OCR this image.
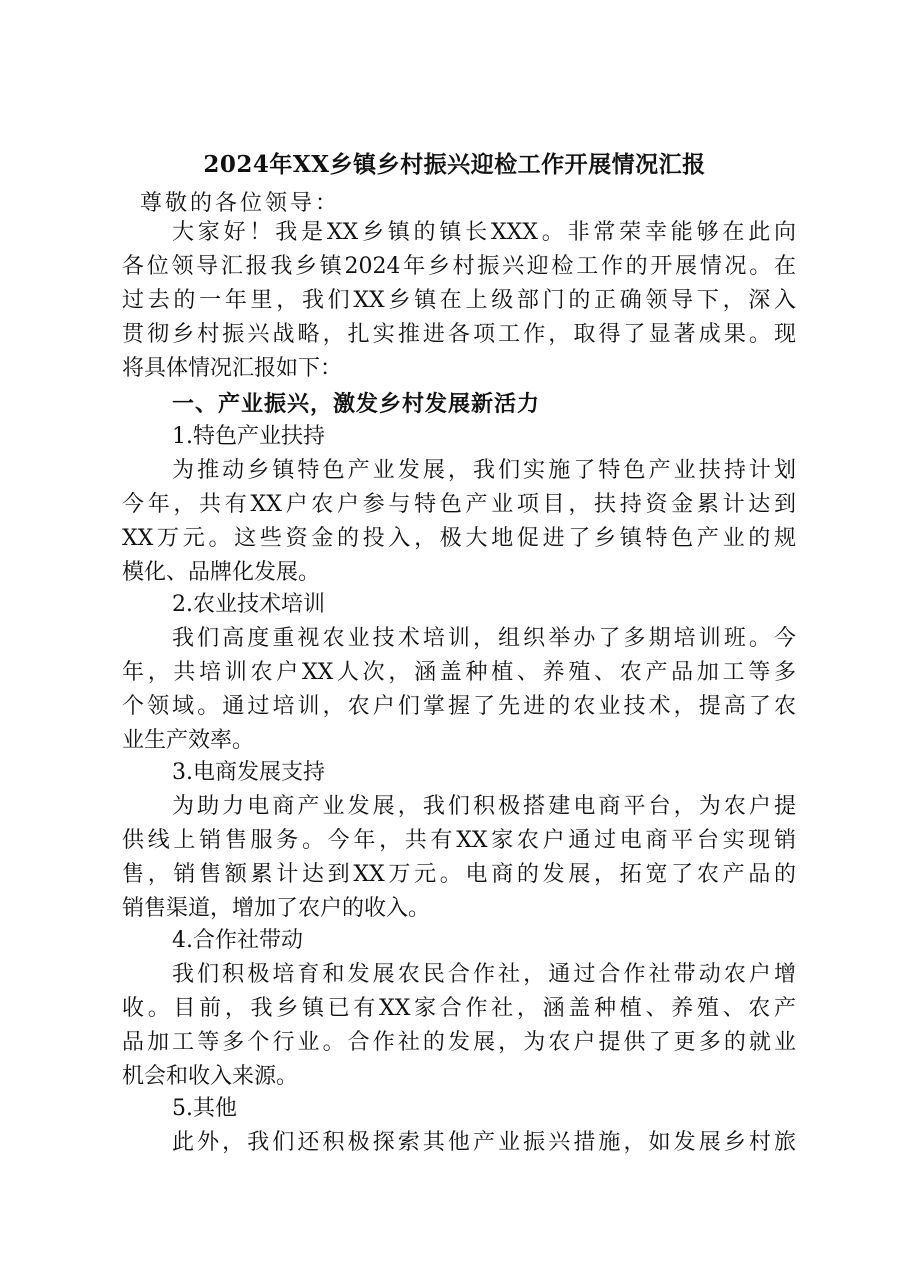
2024年XX乡镇乡村振兴迎检工作开展情况汇报
尊敬的各位领导：
大家好！我是XX乡镇的镇长XXX。非常荣幸能够在此向
各位领导汇报我乡镇2024年乡村振兴迎检工作的开展情况。在
过去的一年里，我们XX乡镇在上级部门的正确领导下，深入
贯彻乡村振兴战略，扎实推进各项工作，取得了显著成果。现
将具体情况汇报如下：
一、产业振兴，激发乡村发展新活力
1.特色产业扶持
为推动乡镇特色产业发展，我们实施了特色产业扶持计划
今年，共有XX户农户参与特色产业项目，扶持资金累计达到
XX万元。这些资金的投入，极大地促进了乡镇特色产业的规
模化、品牌化发展。
2.农业技术培训
我们高度重视农业技术培训，组织举办了多期培训班。今
年，共培训农户XX人次，涵盖种植、养殖、农产品加工等多
个领域。通过培训，农户们掌握了先进的农业技术，提高了农
业生产效率。
3.电商发展支持
为助力电商产业发展，我们积极搭建电商平台，为农户提
供线上销售服务。今年，共有XX家农户通过电商平台实现销
售，销售额累计达到XX万元。电商的发展，拓宽了农产品的
销售渠道，增加了农户的收入。
4.合作社带动
我们积极培育和发展农民合作社，通过合作社带动农户增
收。目前，我乡镇已有XX家合作社，涵盖种植、养殖、农产
品加工等多个行业。合作社的发展，为农户提供了更多的就业
机会和收入来源。
5.其他
此外，我们还积极探索其他产业振兴措施，如发展乡村旅
